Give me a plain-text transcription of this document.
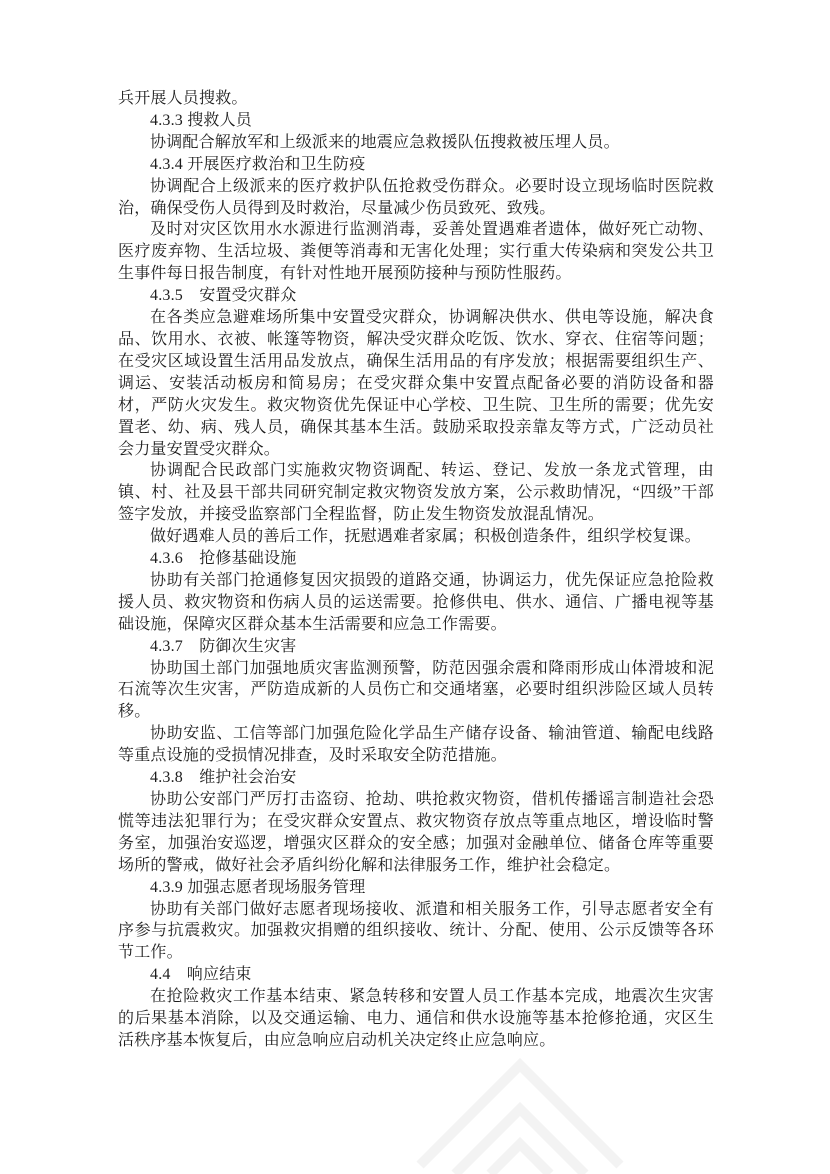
兵开展人员搜救。

4.3.3 搜救人员

协调配合解放军和上级派来的地震应急救援队伍搜救被压埋人员。

4.3.4 开展医疗救治和卫生防疫

协调配合上级派来的医疗救护队伍抢救受伤群众。必要时设立现场临时医院救治，确保受伤人员得到及时救治，尽量减少伤员致死、致残。

及时对灾区饮用水水源进行监测消毒，妥善处置遇难者遗体，做好死亡动物、医疗废弃物、生活垃圾、粪便等消毒和无害化处理；实行重大传染病和突发公共卫生事件每日报告制度，有针对性地开展预防接种与预防性服药。

4.3.5　安置受灾群众

在各类应急避难场所集中安置受灾群众，协调解决供水、供电等设施，解决食品、饮用水、衣被、帐篷等物资，解决受灾群众吃饭、饮水、穿衣、住宿等问题；在受灾区域设置生活用品发放点，确保生活用品的有序发放；根据需要组织生产、调运、安装活动板房和简易房；在受灾群众集中安置点配备必要的消防设备和器材，严防火灾发生。救灾物资优先保证中心学校、卫生院、卫生所的需要；优先安置老、幼、病、残人员，确保其基本生活。鼓励采取投亲靠友等方式，广泛动员社会力量安置受灾群众。

协调配合民政部门实施救灾物资调配、转运、登记、发放一条龙式管理，由镇、村、社及县干部共同研究制定救灾物资发放方案，公示救助情况，“四级”干部签字发放，并接受监察部门全程监督，防止发生物资发放混乱情况。

做好遇难人员的善后工作，抚慰遇难者家属；积极创造条件，组织学校复课。

4.3.6　抢修基础设施

协助有关部门抢通修复因灾损毁的道路交通，协调运力，优先保证应急抢险救援人员、救灾物资和伤病人员的运送需要。抢修供电、供水、通信、广播电视等基础设施，保障灾区群众基本生活需要和应急工作需要。

4.3.7　防御次生灾害

协助国土部门加强地质灾害监测预警，防范因强余震和降雨形成山体滑坡和泥石流等次生灾害，严防造成新的人员伤亡和交通堵塞，必要时组织涉险区域人员转移。

协助安监、工信等部门加强危险化学品生产储存设备、输油管道、输配电线路等重点设施的受损情况排查，及时采取安全防范措施。

4.3.8　维护社会治安

协助公安部门严厉打击盗窃、抢劫、哄抢救灾物资，借机传播谣言制造社会恐慌等违法犯罪行为；在受灾群众安置点、救灾物资存放点等重点地区，增设临时警务室，加强治安巡逻，增强灾区群众的安全感；加强对金融单位、储备仓库等重要场所的警戒，做好社会矛盾纠纷化解和法律服务工作，维护社会稳定。

4.3.9 加强志愿者现场服务管理

协助有关部门做好志愿者现场接收、派遣和相关服务工作，引导志愿者安全有序参与抗震救灾。加强救灾捐赠的组织接收、统计、分配、使用、公示反馈等各环节工作。

4.4　响应结束

在抢险救灾工作基本结束、紧急转移和安置人员工作基本完成，地震次生灾害的后果基本消除，以及交通运输、电力、通信和供水设施等基本抢修抢通，灾区生活秩序基本恢复后，由应急响应启动机关决定终止应急响应。
